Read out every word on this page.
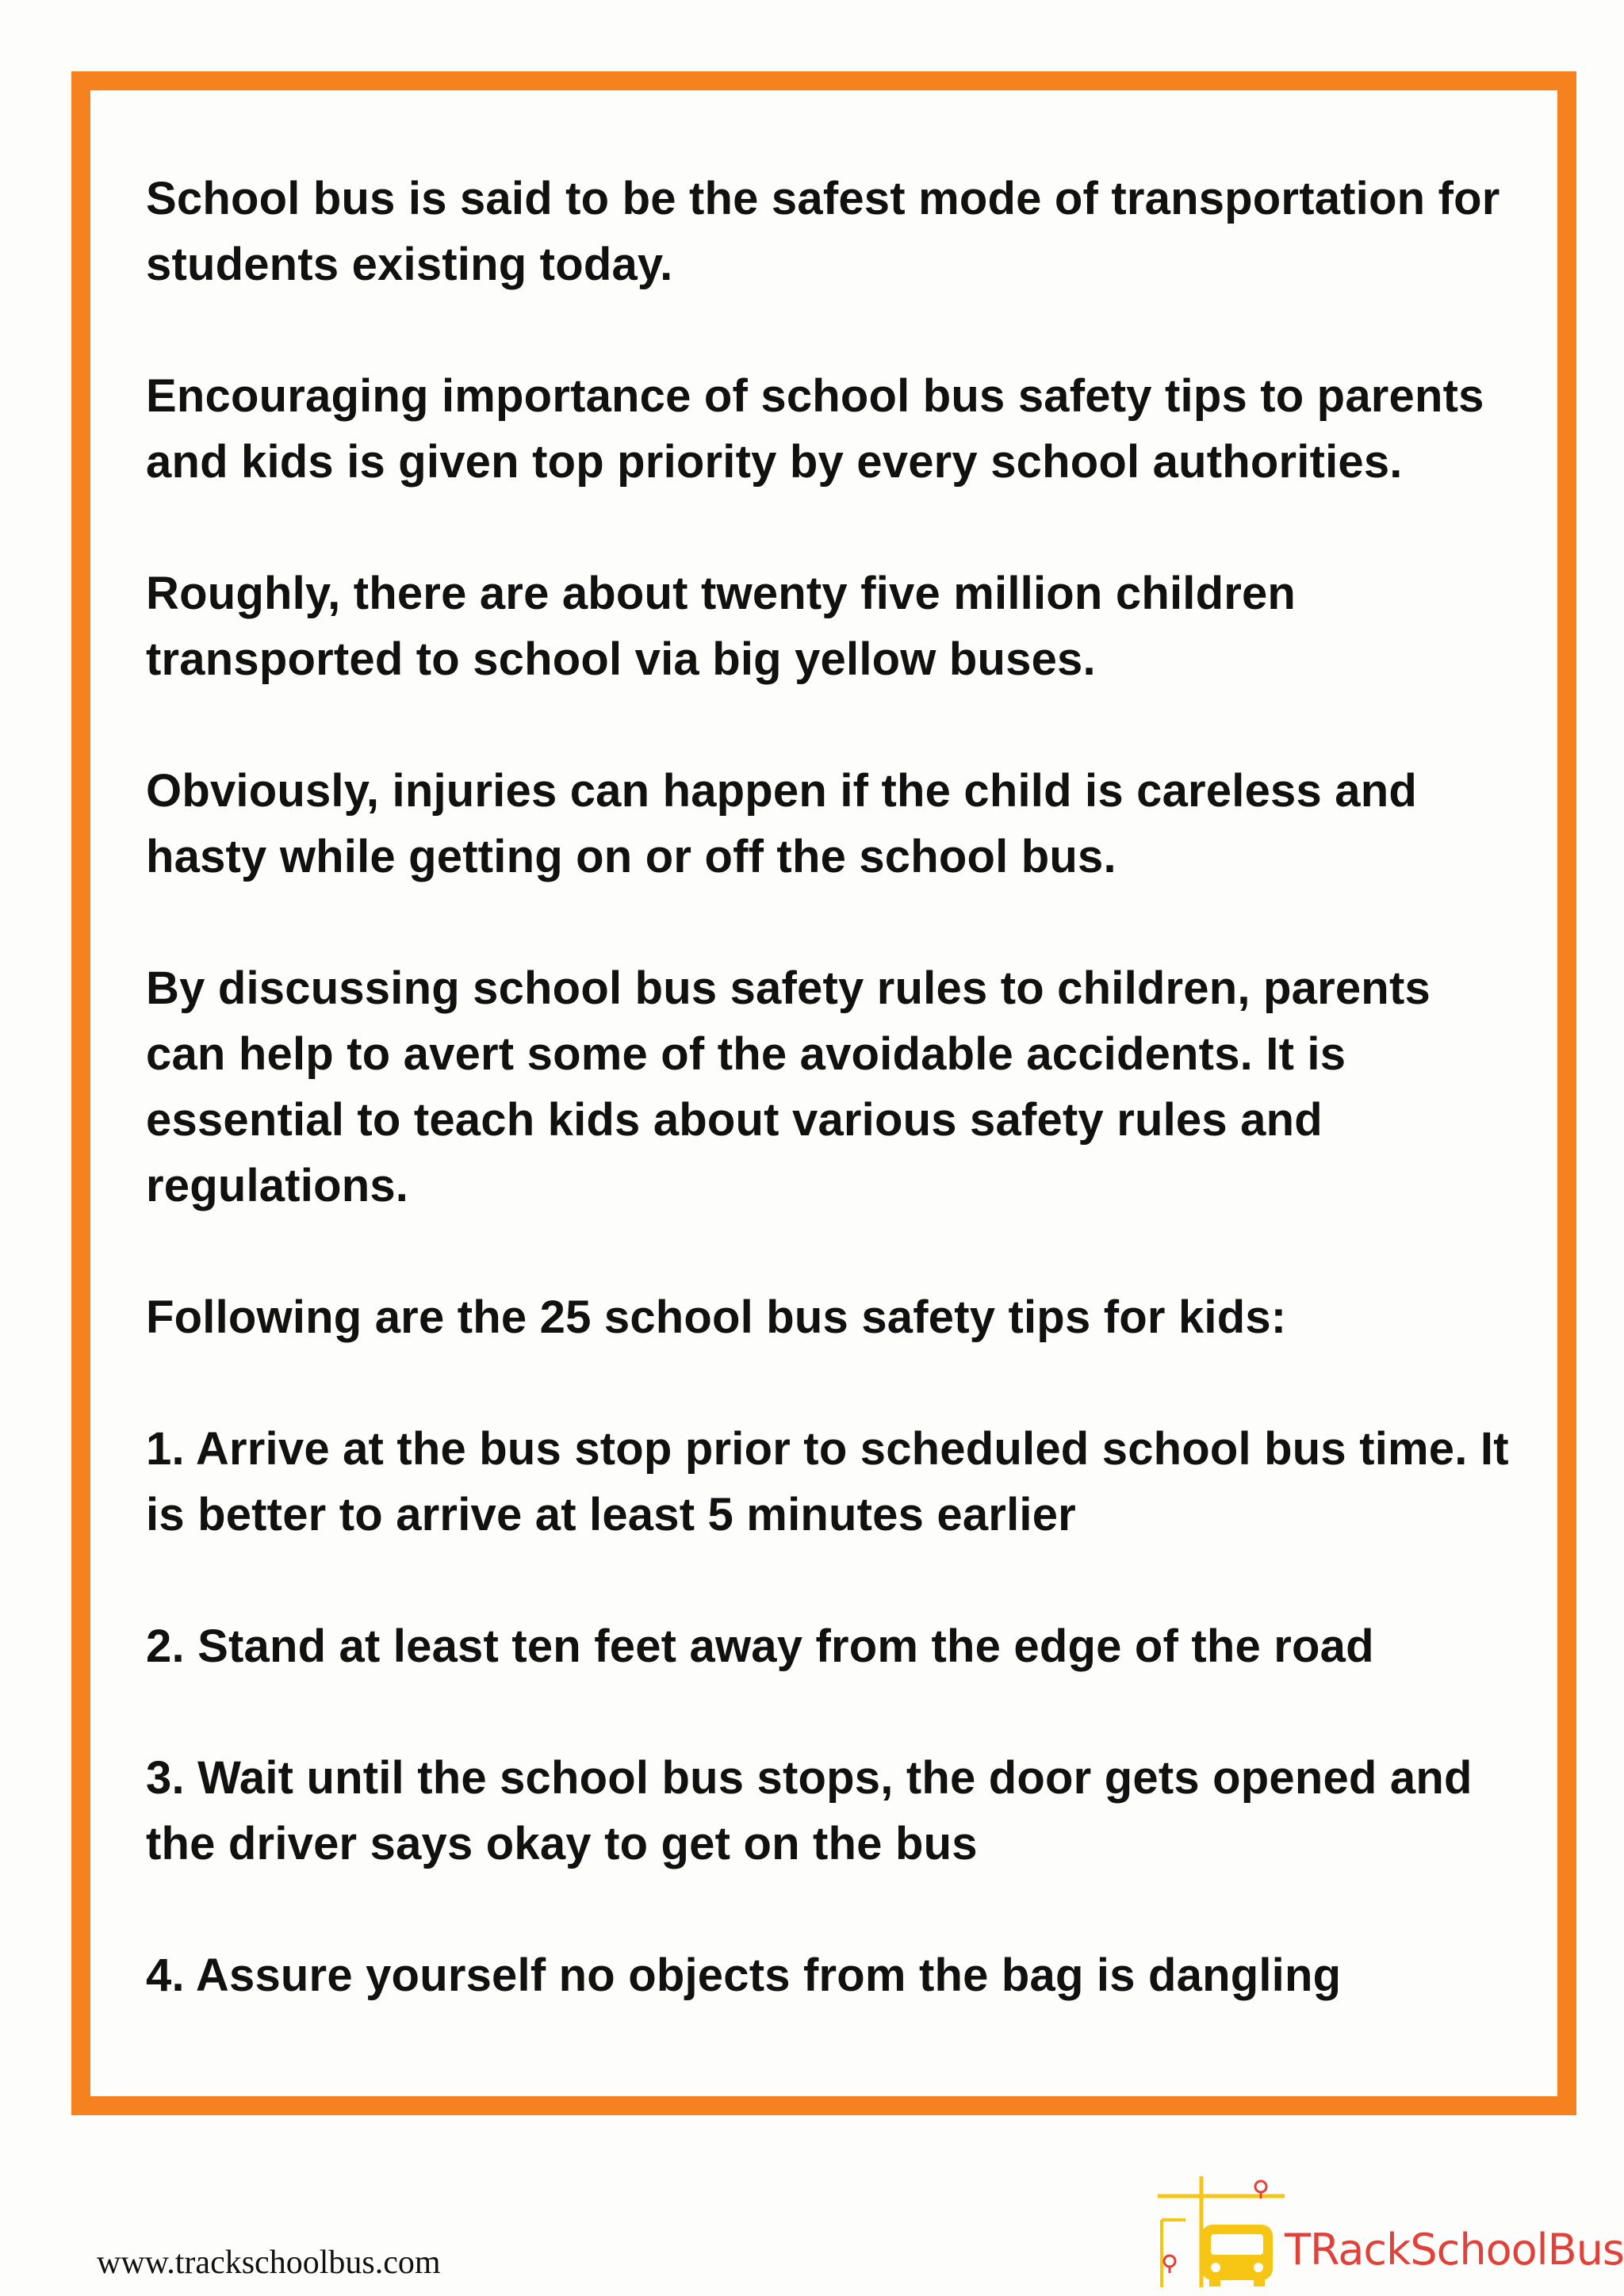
School bus is said to be the safest mode of transportation for students existing today.

Encouraging importance of school bus safety tips to parents and kids is given top priority by every school authorities.

Roughly, there are about twenty five million children transported to school via big yellow buses.

Obviously, injuries can happen if the child is careless and hasty while getting on or off the school bus.

By discussing school bus safety rules to children, parents can help to avert some of the avoidable accidents. It is essential to teach kids about various safety rules and regulations.

Following are the 25 school bus safety tips for kids:

1. Arrive at the bus stop prior to scheduled school bus time. It is better to arrive at least 5 minutes earlier

2. Stand at least ten feet away from the edge of the road

3. Wait until the school bus stops, the door gets opened and the driver says okay to get on the bus

4. Assure yourself no objects from the bag is dangling

www.trackschoolbus.com	TRackSchoolBus
